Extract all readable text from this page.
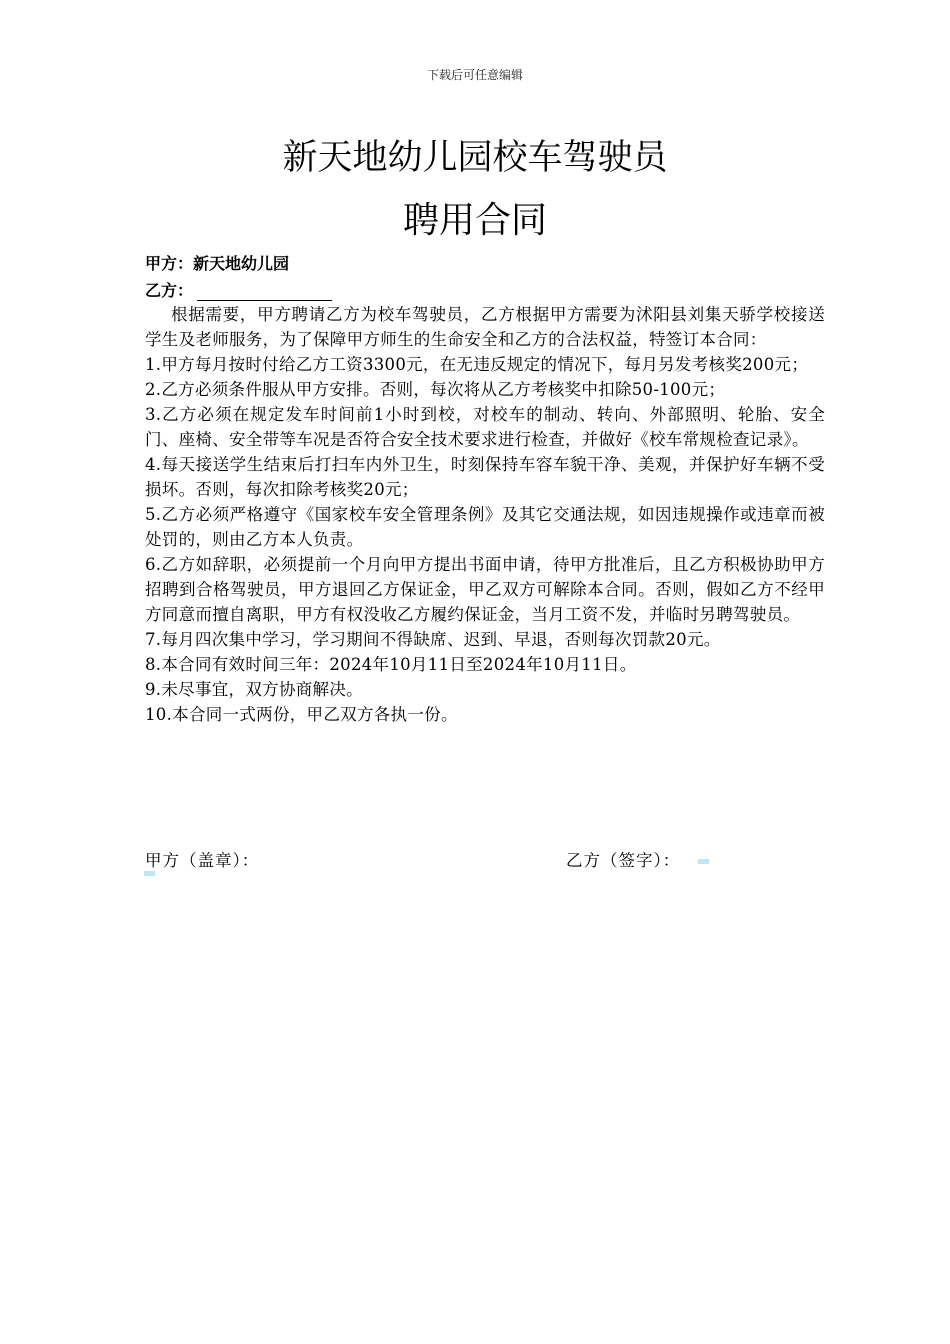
下载后可任意编辑
新天地幼儿园校车驾驶员
聘用合同
甲方：新天地幼儿园
乙方：

根据需要，甲方聘请乙方为校车驾驶员，乙方根据甲方需要为沭阳县刘集天骄学校接送学生及老师服务，为了保障甲方师生的生命安全和乙方的合法权益，特签订本合同：

1.甲方每月按时付给乙方工资3300元，在无违反规定的情况下，每月另发考核奖200元；

2.乙方必须条件服从甲方安排。否则，每次将从乙方考核奖中扣除50-100元；

3.乙方必须在规定发车时间前1小时到校，对校车的制动、转向、外部照明、轮胎、安全门、座椅、安全带等车况是否符合安全技术要求进行检查，并做好《校车常规检查记录》。

4.每天接送学生结束后打扫车内外卫生，时刻保持车容车貌干净、美观，并保护好车辆不受损坏。否则，每次扣除考核奖20元；

5.乙方必须严格遵守《国家校车安全管理条例》及其它交通法规，如因违规操作或违章而被处罚的，则由乙方本人负责。

6.乙方如辞职，必须提前一个月向甲方提出书面申请，待甲方批准后，且乙方积极协助甲方招聘到合格驾驶员，甲方退回乙方保证金，甲乙双方可解除本合同。否则，假如乙方不经甲方同意而擅自离职，甲方有权没收乙方履约保证金，当月工资不发，并临时另聘驾驶员。

7.每月四次集中学习，学习期间不得缺席、迟到、早退，否则每次罚款20元。

8.本合同有效时间三年：2024年10月11日至2024年10月11日。

9.未尽事宜，双方协商解决。

10.本合同一式两份，甲乙双方各执一份。

甲方（盖章）：	乙方（签字）：
